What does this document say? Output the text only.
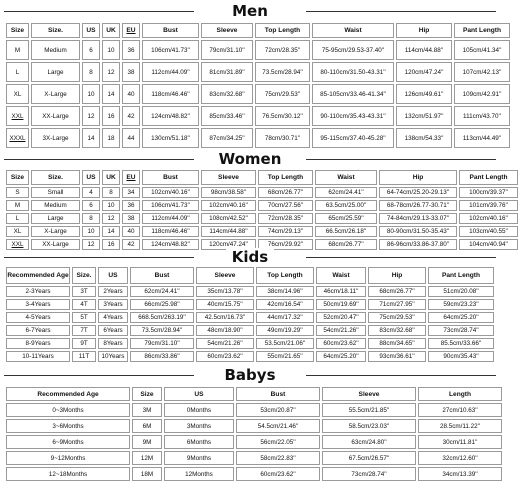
Men
Size	Size.	US	UK	EU	Bust	Sleeve	Top Length	Waist	Hip	Pant Length
M	Medium	6	10	36	106cm/41.73''	79cm/31.10''	72cm/28.35''	75-95cm/29.53-37.40''	114cm/44.88''	105cm/41.34''
L	Large	8	12	38	112cm/44.09''	81cm/31.89''	73.5cm/28.94''	80-110cm/31.50-43.31''	120cm/47.24''	107cm/42.13''
XL	X-Large	10	14	40	118cm/46.46''	83cm/32.68''	75cm/29.53''	85-105cm/33.46-41.34''	126cm/49.61''	109cm/42.91''
XXL	XX-Large	12	16	42	124cm/48.82''	85cm/33.46''	76.5cm/30.12''	90-110cm/35.43-43.31''	132cm/51.97''	111cm/43.70''
XXXL	3X-Large	14	18	44	130cm/51.18''	87cm/34.25''	78cm/30.71''	95-115cm/37.40-45.28''	138cm/54.33''	113cm/44.49''
Women
Size	Size.	US	UK	EU	Bust	Sleeve	Top Length	Waist	Hip	Pant Length
S	Small	4	8	34	102cm/40.16''	98cm/38.58''	68cm/26.77''	62cm/24.41''	64-74cm/25.20-29.13''	100cm/39.37''
M	Medium	6	10	36	106cm/41.73''	102cm/40.16''	70cm/27.56''	63.5cm/25.00''	68-78cm/26.77-30.71''	101cm/39.76''
L	Large	8	12	38	112cm/44.09''	108cm/42.52''	72cm/28.35''	65cm/25.59''	74-84cm/29.13-33.07''	102cm/40.16''
XL	X-Large	10	14	40	118cm/46.46''	114cm/44.88''	74cm/29.13''	66.5cm/26.18''	80-90cm/31.50-35.43''	103cm/40.55''
XXL	XX-Large	12	16	42	124cm/48.82''	120cm/47.24''	76cm/29.92''	68cm/26.77''	86-96cm/33.86-37.80''	104cm/40.94''
Kids
Recommended Age	Size.	US	Bust	Sleeve	Top Length	Waist	Hip	Pant Length
2-3Years	3T	2Years	62cm/24.41''	35cm/13.78''	38cm/14.96''	46cm/18.11''	68cm/26.77''	51cm/20.08''
3-4Years	4T	3Years	66cm/25.98''	40cm/15.75''	42cm/16.54''	50cm/19.69''	71cm/27.95''	59cm/23.23''
4-5Years	5T	4Years	668.5cm/263.19''	42.5cm/16.73''	44cm/17.32''	52cm/20.47''	75cm/29.53''	64cm/25.20''
6-7Years	7T	6Years	73.5cm/28.94''	48cm/18.90''	49cm/19.29''	54cm/21.26''	83cm/32.68''	73cm/28.74''
8-9Years	9T	8Years	79cm/31.10''	54cm/21.26''	53.5cm/21.06''	60cm/23.62''	88cm/34.65''	85.5cm/33.66''
10-11Years	11T	10Years	86cm/33.86''	60cm/23.62''	55cm/21.65''	64cm/25.20''	93cm/36.61''	90cm/35.43''
Babys
Recommended Age	Size	US	Bust	Sleeve	Length
0~3Months	3M	0Months	53cm/20.87''	55.5cm/21.85''	27cm/10.63''
3~6Months	6M	3Months	54.5cm/21.46''	58.5cm/23.03''	28.5cm/11.22''
6~9Months	9M	6Months	56cm/22.05''	63cm/24.80''	30cm/11.81''
9~12Months	12M	9Months	58cm/22.83''	67.5cm/26.57''	32cm/12.60''
12~18Months	18M	12Months	60cm/23.62''	73cm/28.74''	34cm/13.39''
